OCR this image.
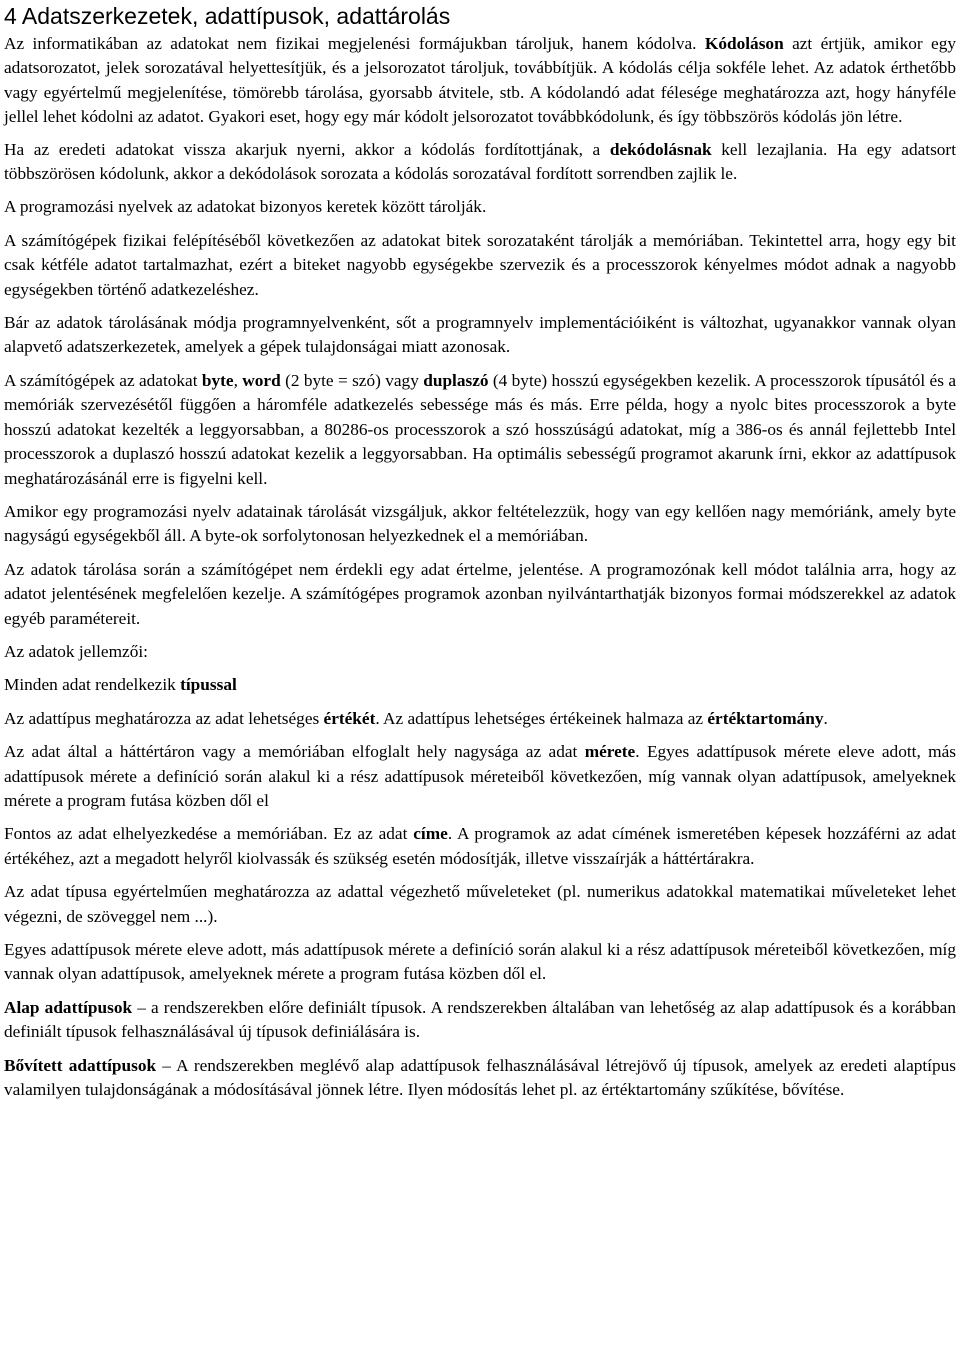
4 Adatszerkezetek, adattípusok, adattárolás

Az informatikában az adatokat nem fizikai megjelenési formájukban tároljuk, hanem kódolva. Kódoláson azt értjük, amikor egy adatsorozatot, jelek sorozatával helyettesítjük, és a jelsorozatot tároljuk, továbbítjük. A kódolás célja sokféle lehet. Az adatok érthetőbb vagy egyértelmű megjelenítése, tömörebb tárolása, gyorsabb átvitele, stb. A kódolandó adat félesége meghatározza azt, hogy hányféle jellel lehet kódolni az adatot. Gyakori eset, hogy egy már kódolt jelsorozatot továbbkódolunk, és így többszörös kódolás jön létre.

Ha az eredeti adatokat vissza akarjuk nyerni, akkor a kódolás fordítottjának, a dekódolásnak kell lezajlania. Ha egy adatsort többszörösen kódolunk, akkor a dekódolások sorozata a kódolás sorozatával fordított sorrendben zajlik le.

A programozási nyelvek az adatokat bizonyos keretek között tárolják.

A számítógépek fizikai felépítéséből következően az adatokat bitek sorozataként tárolják a memóriában. Tekintettel arra, hogy egy bit csak kétféle adatot tartalmazhat, ezért a biteket nagyobb egységekbe szervezik és a processzorok kényelmes módot adnak a nagyobb egységekben történő adatkezeléshez.

Bár az adatok tárolásának módja programnyelvenként, sőt a programnyelv implementációiként is változhat, ugyanakkor vannak olyan alapvető adatszerkezetek, amelyek a gépek tulajdonságai miatt azonosak.

A számítógépek az adatokat byte, word (2 byte = szó) vagy duplaszó (4 byte) hosszú egységekben kezelik. A processzorok típusától és a memóriák szervezésétől függően a háromféle adatkezelés sebessége más és más. Erre példa, hogy a nyolc bites processzorok a byte hosszú adatokat kezelték a leggyorsabban, a 80286-os processzorok a szó hosszúságú adatokat, míg a 386-os és annál fejlettebb Intel processzorok a duplaszó hosszú adatokat kezelik a leggyorsabban. Ha optimális sebességű programot akarunk írni, ekkor az adattípusok meghatározásánál erre is figyelni kell.

Amikor egy programozási nyelv adatainak tárolását vizsgáljuk, akkor feltételezzük, hogy van egy kellően nagy memóriánk, amely byte nagyságú egységekből áll. A byte-ok sorfolytonosan helyezkednek el a memóriában.

Az adatok tárolása során a számítógépet nem érdekli egy adat értelme, jelentése. A programozónak kell módot találnia arra, hogy az adatot jelentésének megfelelően kezelje. A számítógépes programok azonban nyilvántarthatják bizonyos formai módszerekkel az adatok egyéb paramétereit.

Az adatok jellemzői:

Minden adat rendelkezik típussal

Az adattípus meghatározza az adat lehetséges értékét. Az adattípus lehetséges értékeinek halmaza az értéktartomány.

Az adat által a háttértáron vagy a memóriában elfoglalt hely nagysága az adat mérete. Egyes adattípusok mérete eleve adott, más adattípusok mérete a definíció során alakul ki a rész adattípusok méreteiből következően, míg vannak olyan adattípusok, amelyeknek mérete a program futása közben dől el

Fontos az adat elhelyezkedése a memóriában. Ez az adat címe. A programok az adat címének ismeretében képesek hozzáférni az adat értékéhez, azt a megadott helyről kiolvassák és szükség esetén módosítják, illetve visszaírják a háttértárakra.

Az adat típusa egyértelműen meghatározza az adattal végezhető műveleteket (pl. numerikus adatokkal matematikai műveleteket lehet végezni, de szöveggel nem ...).

Egyes adattípusok mérete eleve adott, más adattípusok mérete a definíció során alakul ki a rész adattípusok méreteiből következően, míg vannak olyan adattípusok, amelyeknek mérete a program futása közben dől el.

Alap adattípusok – a rendszerekben előre definiált típusok. A rendszerekben általában van lehetőség az alap adattípusok és a korábban definiált típusok felhasználásával új típusok definiálására is.

Bővített adattípusok – A rendszerekben meglévő alap adattípusok felhasználásával létrejövő új típusok, amelyek az eredeti alaptípus valamilyen tulajdonságának a módosításával jönnek létre. Ilyen módosítás lehet pl. az értéktartomány szűkítése, bővítése.
